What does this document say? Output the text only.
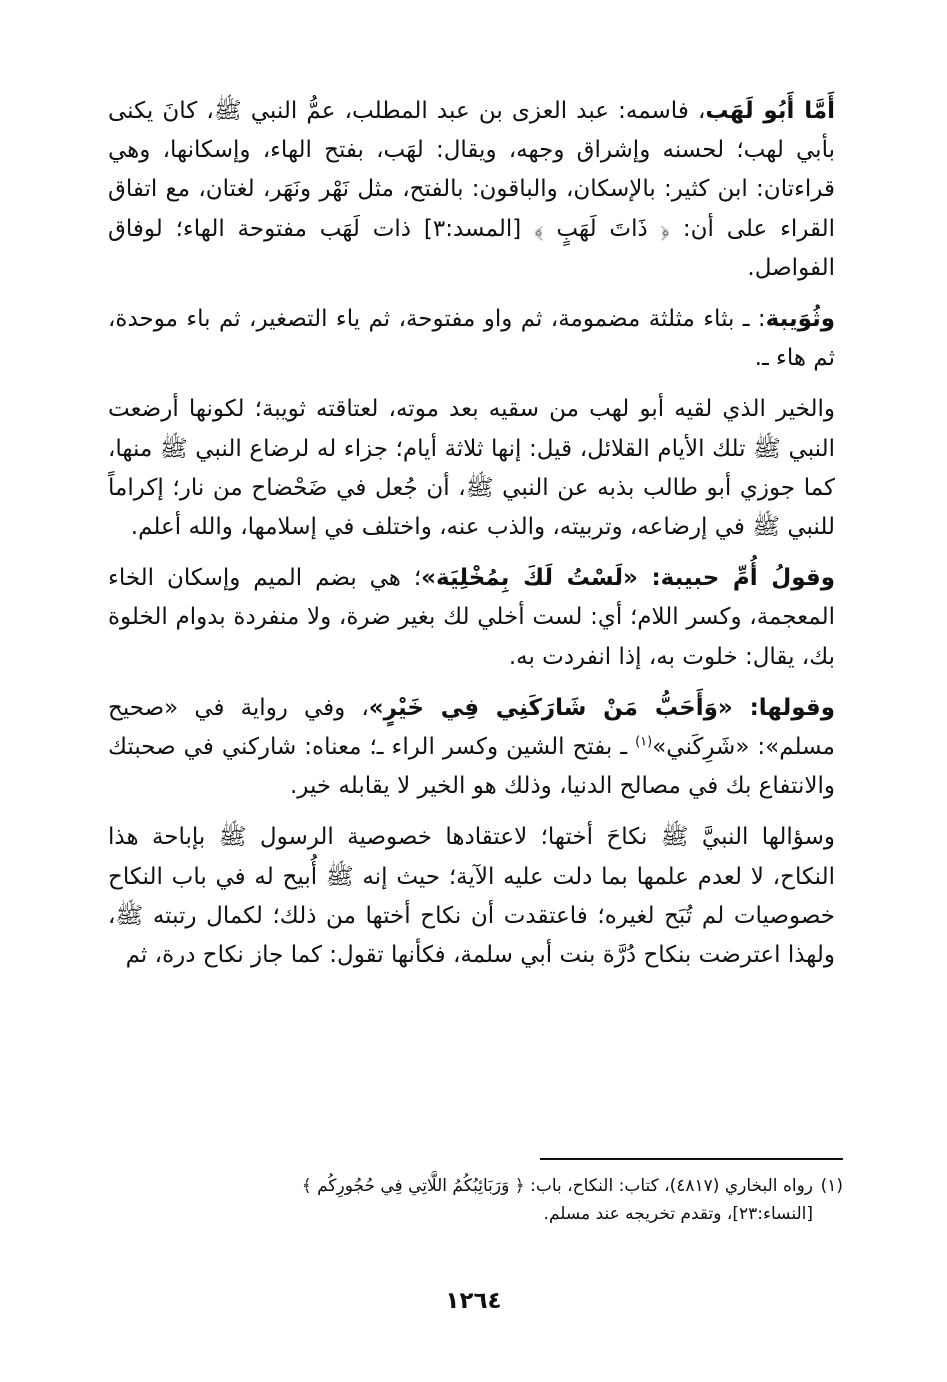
أَمَّا أَبُو لَهَب، فاسمه: عبد العزى بن عبد المطلب، عمُّ النبي ﷺ، كانَ يكنى بأبي لهب؛ لحسنه وإشراق وجهه، ويقال: لهَب، بفتح الهاء، وإسكانها، وهي قراءتان: ابن كثير: بالإسكان، والباقون: بالفتح، مثل نَهْر ونَهَر، لغتان، مع اتفاق القراء على أن: ﴿ ذَاتَ لَهَبٍ ﴾ [المسد:٣] ذات لَهَب مفتوحة الهاء؛ لوفاق الفواصل.

وثُوَيبة: ـ بثاء مثلثة مضمومة، ثم واو مفتوحة، ثم ياء التصغير، ثم باء موحدة، ثم هاء ـ.

والخير الذي لقيه أبو لهب من سقيه بعد موته، لعتاقته ثويبة؛ لكونها أرضعت النبي ﷺ تلك الأيام القلائل، قيل: إنها ثلاثة أيام؛ جزاء له لرضاع النبي ﷺ منها، كما جوزي أبو طالب بذبه عن النبي ﷺ، أن جُعل في ضَحْضاح من نار؛ إكراماً للنبي ﷺ في إرضاعه، وتربيته، والذب عنه، واختلف في إسلامها، والله أعلم.

وقولُ أُمِّ حبيبة: «لَسْتُ لَكَ بِمُخْلِيَة»؛ هي بضم الميم وإسكان الخاء المعجمة، وكسر اللام؛ أي: لست أخلي لك بغير ضرة، ولا منفردة بدوام الخلوة بك، يقال: خلوت به، إذا انفردت به.

وقولها: «وَأَحَبُّ مَنْ شَارَكَنِي فِي خَيْرٍ»، وفي رواية في «صحيح مسلم»: «شَرِكَني»$^{(١)}$ ـ بفتح الشين وكسر الراء ـ؛ معناه: شاركني في صحبتك والانتفاع بك في مصالح الدنيا، وذلك هو الخير لا يقابله خير.

وسؤالها النبيَّ ﷺ نكاحَ أختها؛ لاعتقادها خصوصية الرسول ﷺ بإباحة هذا النكاح، لا لعدم علمها بما دلت عليه الآية؛ حيث إنه ﷺ أُبيح له في باب النكاح خصوصيات لم تُبَح لغيره؛ فاعتقدت أن نكاح أختها من ذلك؛ لكمال رتبته ﷺ، ولهذا اعترضت بنكاح دُرَّة بنت أبي سلمة، فكأنها تقول: كما جاز نكاح درة، ثم

(١)رواه البخاري (٤٨١٧)، كتاب: النكاح، باب: ﴿ وَرَبَائِبُكُمُ اللَّاتِي فِي حُجُورِكُم ﴾
[النساء:٢٣]، وتقدم تخريجه عند مسلم.
١٢٦٤
